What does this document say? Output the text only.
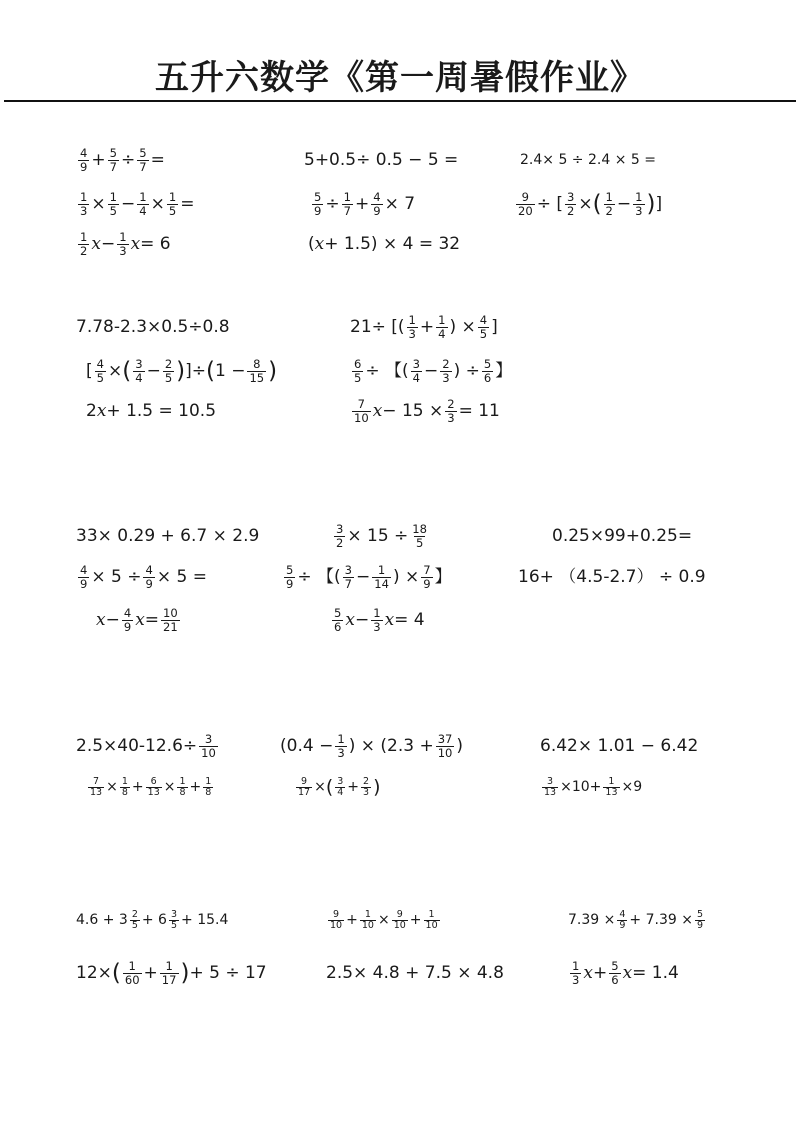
五升六数学《第一周暑假作业》
$\frac{4}{9} + \frac{5}{7} \div \frac{5}{7}$ =	5+0.5÷ 0.5 − 5 =	2.4× 5 ÷ 2.4 × 5 =
$\frac{1}{3} \times \frac{1}{5} - \frac{1}{4} \times \frac{1}{5}$ =	$\frac{5}{9} \div \frac{1}{7} + \frac{4}{9} \times 7$	$\frac{9}{20}$ ÷ [ $\frac{3}{2}$ × ( $\frac{1}{2} - \frac{1}{3}$ ) ]
$\frac{1}{2}$ $x - \frac{1}{3}$ x = 6	( x + 1.5) × 4 = 32
7.78-2.3×0.5÷0.8	21÷ [( $\frac{1}{3} + \frac{1}{4}$ ) × $\frac{4}{5}$ ]
[ $\frac{4}{5}$ × ( $\frac{3}{4} - \frac{2}{5}$ ) ]÷ ( $1 - \frac{8}{15}$ )	$\frac{6}{5}$ ÷ 【( $\frac{3}{4} - \frac{2}{3}$ ) ÷ $\frac{5}{6}$ 】
2 x + 1.5 = 10.5	$\frac{7}{10}$ $x - 15 \times \frac{2}{3} = 11$
33× 0.29 + 6.7 × 2.9	$\frac{3}{2} \times 15 \div \frac{18}{5}$	0.25×99+0.25=
$\frac{4}{9} \times 5 \div \frac{4}{9} \times 5$ =	$\frac{5}{9}$ ÷ 【( $\frac{3}{7} - \frac{1}{14}$ ) × $\frac{7}{9}$ 】	16+ （4.5-2.7） ÷ 0.9
$x - \frac{4}{9}$ $x = \frac{10}{21}$	$\frac{5}{6}$ $x - \frac{1}{3}$ x = 4
$2.5\times 40-12.6\div \frac{3}{10}$	($0.4 - \frac{1}{3}$ ) × ($2.3 + \frac{37}{10}$ )	6.42× 1.01 − 6.42
$\frac{7}{13} \times \frac{1}{8} + \frac{6}{13} \times \frac{1}{8} + \frac{1}{8}$	$\frac{9}{17}$ × ( $\frac{3}{4} + \frac{2}{3}$ )	$\frac{3}{13} \times 10+ \frac{1}{13} \times 9$
$4.6 + 3 \frac{2}{5} + 6 \frac{3}{5} + 15.4$	$\frac{9}{10} + \frac{1}{10} \times \frac{9}{10} + \frac{1}{10}$	$7.39 \times \frac{4}{9} + 7.39 \times \frac{5}{9}$
12× ( $\frac{1}{60} + \frac{1}{17}$ ) + 5 ÷ 17	2.5× 4.8 + 7.5 × 4.8	$\frac{1}{3}$ $x + \frac{5}{6}$ x = 1.4
